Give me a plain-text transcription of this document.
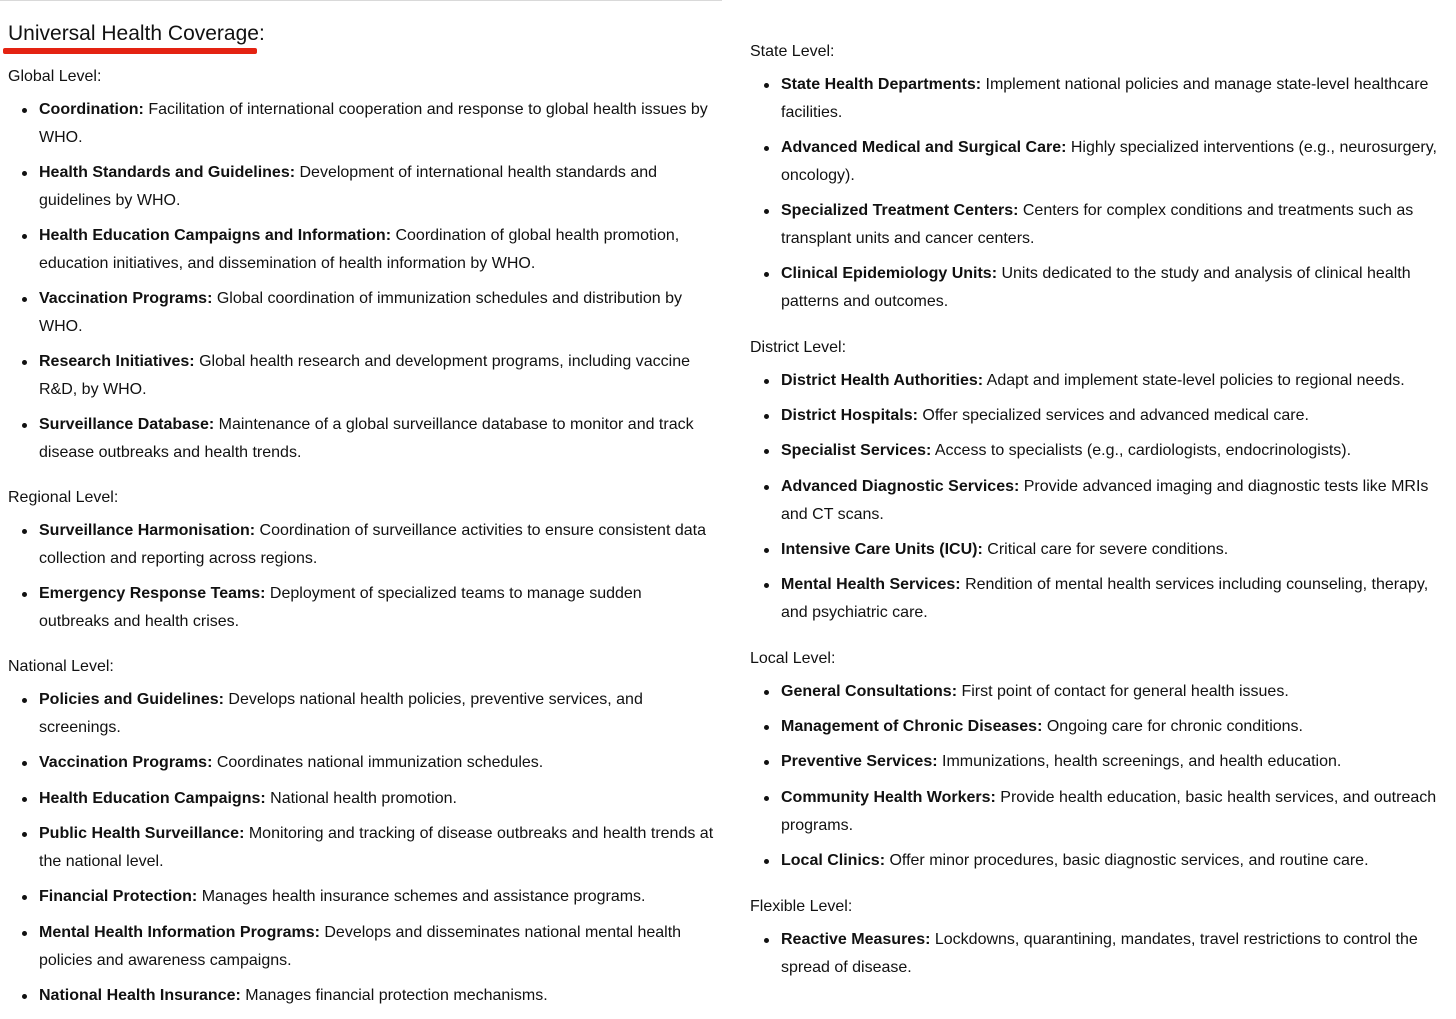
Universal Health Coverage:
Global Level:
Coordination: Facilitation of international cooperation and response to global health issues by WHO.
Health Standards and Guidelines: Development of international health standards and guidelines by WHO.
Health Education Campaigns and Information: Coordination of global health promotion, education initiatives, and dissemination of health information by WHO.
Vaccination Programs: Global coordination of immunization schedules and distribution by WHO.
Research Initiatives: Global health research and development programs, including vaccine R&D, by WHO.
Surveillance Database: Maintenance of a global surveillance database to monitor and track disease outbreaks and health trends.
Regional Level:
Surveillance Harmonisation: Coordination of surveillance activities to ensure consistent data collection and reporting across regions.
Emergency Response Teams: Deployment of specialized teams to manage sudden outbreaks and health crises.
National Level:
Policies and Guidelines: Develops national health policies, preventive services, and screenings.
Vaccination Programs: Coordinates national immunization schedules.
Health Education Campaigns: National health promotion.
Public Health Surveillance: Monitoring and tracking of disease outbreaks and health trends at the national level.
Financial Protection: Manages health insurance schemes and assistance programs.
Mental Health Information Programs: Develops and disseminates national mental health policies and awareness campaigns.
National Health Insurance: Manages financial protection mechanisms.
State Level:
State Health Departments: Implement national policies and manage state-level healthcare facilities.
Advanced Medical and Surgical Care: Highly specialized interventions (e.g., neurosurgery, oncology).
Specialized Treatment Centers: Centers for complex conditions and treatments such as transplant units and cancer centers.
Clinical Epidemiology Units: Units dedicated to the study and analysis of clinical health patterns and outcomes.
District Level:
District Health Authorities: Adapt and implement state-level policies to regional needs.
District Hospitals: Offer specialized services and advanced medical care.
Specialist Services: Access to specialists (e.g., cardiologists, endocrinologists).
Advanced Diagnostic Services: Provide advanced imaging and diagnostic tests like MRIs and CT scans.
Intensive Care Units (ICU): Critical care for severe conditions.
Mental Health Services: Rendition of mental health services including counseling, therapy, and psychiatric care.
Local Level:
General Consultations: First point of contact for general health issues.
Management of Chronic Diseases: Ongoing care for chronic conditions.
Preventive Services: Immunizations, health screenings, and health education.
Community Health Workers: Provide health education, basic health services, and outreach programs.
Local Clinics: Offer minor procedures, basic diagnostic services, and routine care.
Flexible Level:
Reactive Measures: Lockdowns, quarantining, mandates, travel restrictions to control the spread of disease.
